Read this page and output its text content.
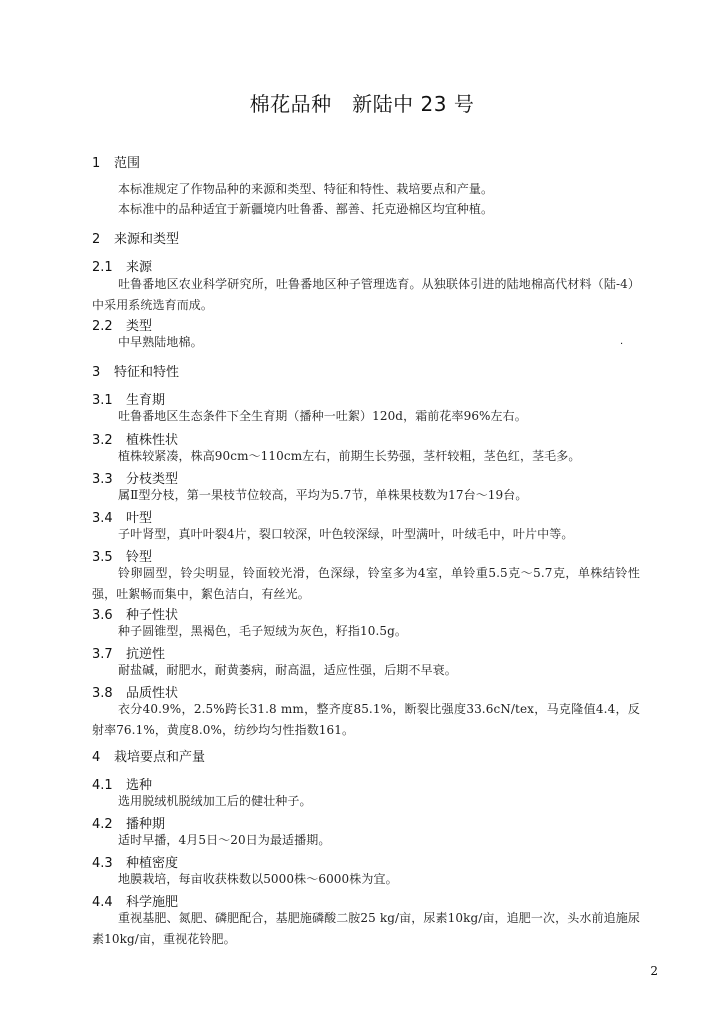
棉花品种　新陆中 23 号
1 范围
本标准规定了作物品种的来源和类型、特征和特性、栽培要点和产量。
本标准中的品种适宜于新疆境内吐鲁番、鄯善、托克逊棉区均宜种植。
2 来源和类型
2.1 来源
吐鲁番地区农业科学研究所，吐鲁番地区种子管理选育。从独联体引进的陆地棉高代材料（陆-4）中采用系统选育而成。
2.2 类型
中早熟陆地棉。	.
3 特征和特性
3.1 生育期
吐鲁番地区生态条件下全生育期（播种一吐絮）120d，霜前花率96%左右。
3.2 植株性状
植株较紧凑，株高90cm～110cm左右，前期生长势强，茎杆较粗，茎色红，茎毛多。
3.3 分枝类型
属Ⅱ型分枝，第一果枝节位较高，平均为5.7节，单株果枝数为17台～19台。
3.4 叶型
子叶肾型，真叶叶裂4片，裂口较深，叶色较深绿，叶型满叶，叶绒毛中，叶片中等。
3.5 铃型
铃卵圆型，铃尖明显，铃面较光滑，色深绿，铃室多为4室，单铃重5.5克～5.7克，单株结铃性强，吐絮畅而集中，絮色洁白，有丝光。
3.6 种子性状
种子圆锥型，黑褐色，毛子短绒为灰色，籽指10.5g。
3.7 抗逆性
耐盐碱，耐肥水，耐黄萎病，耐高温，适应性强，后期不早衰。
3.8 品质性状
衣分40.9%，2.5%跨长31.8 mm，整齐度85.1%，断裂比强度33.6cN/tex，马克隆值4.4，反射率76.1%，黄度8.0%，纺纱均匀性指数161。
4 栽培要点和产量
4.1 选种
选用脱绒机脱绒加工后的健壮种子。
4.2 播种期
适时早播，4月5日～20日为最适播期。
4.3 种植密度
地膜栽培，每亩收获株数以5000株～6000株为宜。
4.4 科学施肥
重视基肥、氮肥、磷肥配合，基肥施磷酸二胺25 kg/亩，尿素10kg/亩，追肥一次，头水前追施尿素10kg/亩，重视花铃肥。
2
